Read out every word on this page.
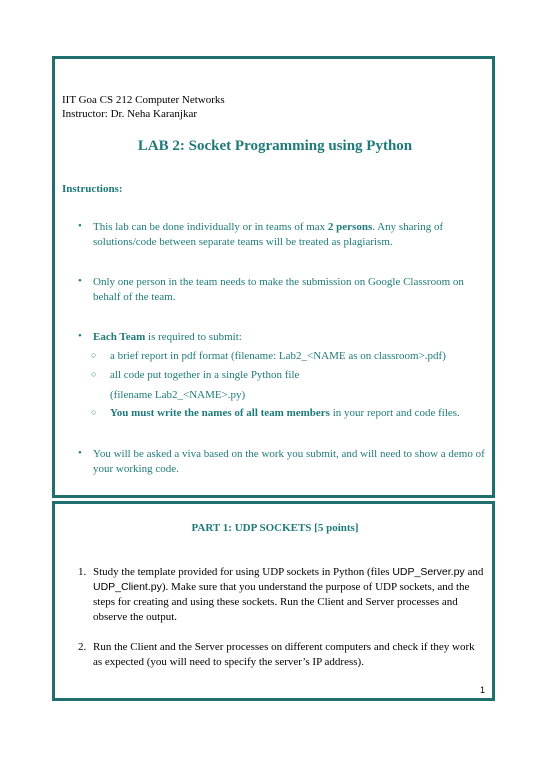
IIT Goa CS 212 Computer Networks
Instructor: Dr. Neha Karanjkar
LAB 2: Socket Programming using Python
Instructions:
• This lab can be done individually or in teams of max 2 persons. Any sharing of
solutions/code between separate teams will be treated as plagiarism.
• Only one person in the team needs to make the submission on Google Classroom on
behalf of the team.
• Each Team is required to submit:
○ a brief report in pdf format (filename: Lab2_<NAME as on classroom>.pdf)
○ all code put together in a single Python file
(filename Lab2_<NAME>.py)
○ You must write the names of all team members in your report and code files.
• You will be asked a viva based on the work you submit, and will need to show a demo of
your working code.
PART 1: UDP SOCKETS [5 points]
1. Study the template provided for using UDP sockets in Python (files UDP_Server.py and
UDP_Client.py). Make sure that you understand the purpose of UDP sockets, and the
steps for creating and using these sockets. Run the Client and Server processes and
observe the output.
2. Run the Client and the Server processes on different computers and check if they work
as expected (you will need to specify the server’s IP address).
1
